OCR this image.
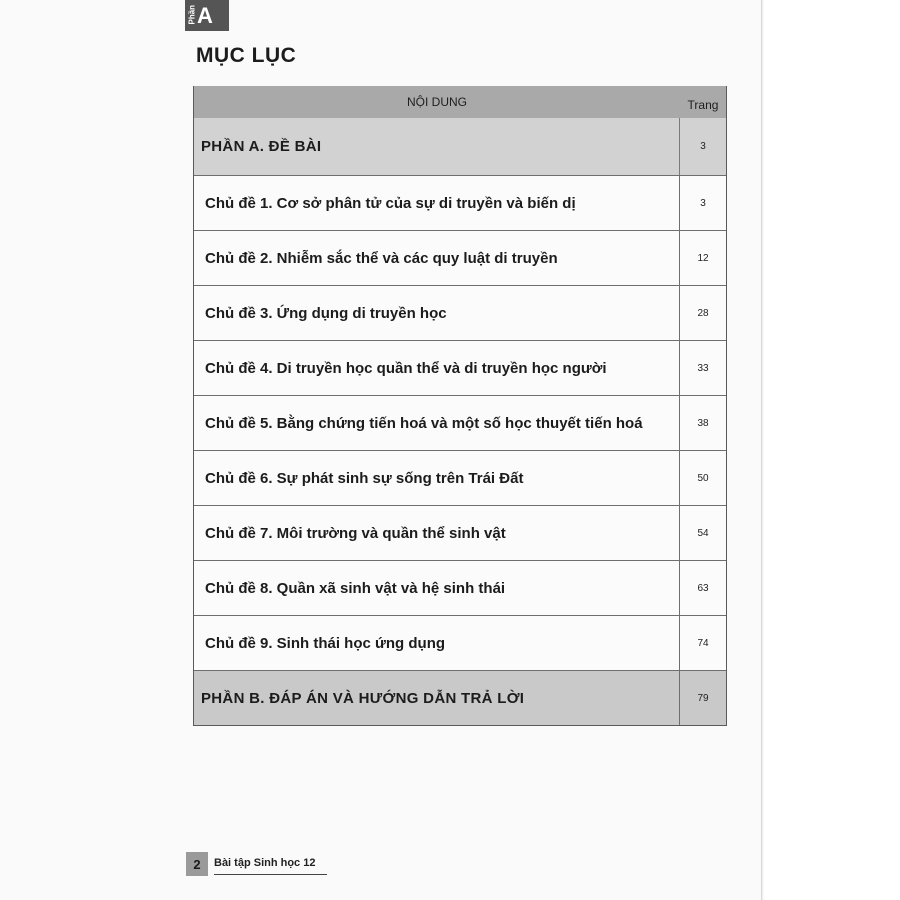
Phần A
MỤC LỤC
NỘI DUNG	Trang
PHẦN A. ĐỀ BÀI	3
Chủ đề 1. Cơ sở phân tử của sự di truyền và biến dị	3
Chủ đề 2. Nhiễm sắc thể và các quy luật di truyền	12
Chủ đề 3. Ứng dụng di truyền học	28
Chủ đề 4. Di truyền học quần thể và di truyền học người	33
Chủ đề 5. Bằng chứng tiến hoá và một số học thuyết tiến hoá	38
Chủ đề 6. Sự phát sinh sự sống trên Trái Đất	50
Chủ đề 7. Môi trường và quần thể sinh vật	54
Chủ đề 8. Quần xã sinh vật và hệ sinh thái	63
Chủ đề 9. Sinh thái học ứng dụng	74
PHẦN B. ĐÁP ÁN VÀ HƯỚNG DẪN TRẢ LỜI	79
2	Bài tập Sinh học 12
